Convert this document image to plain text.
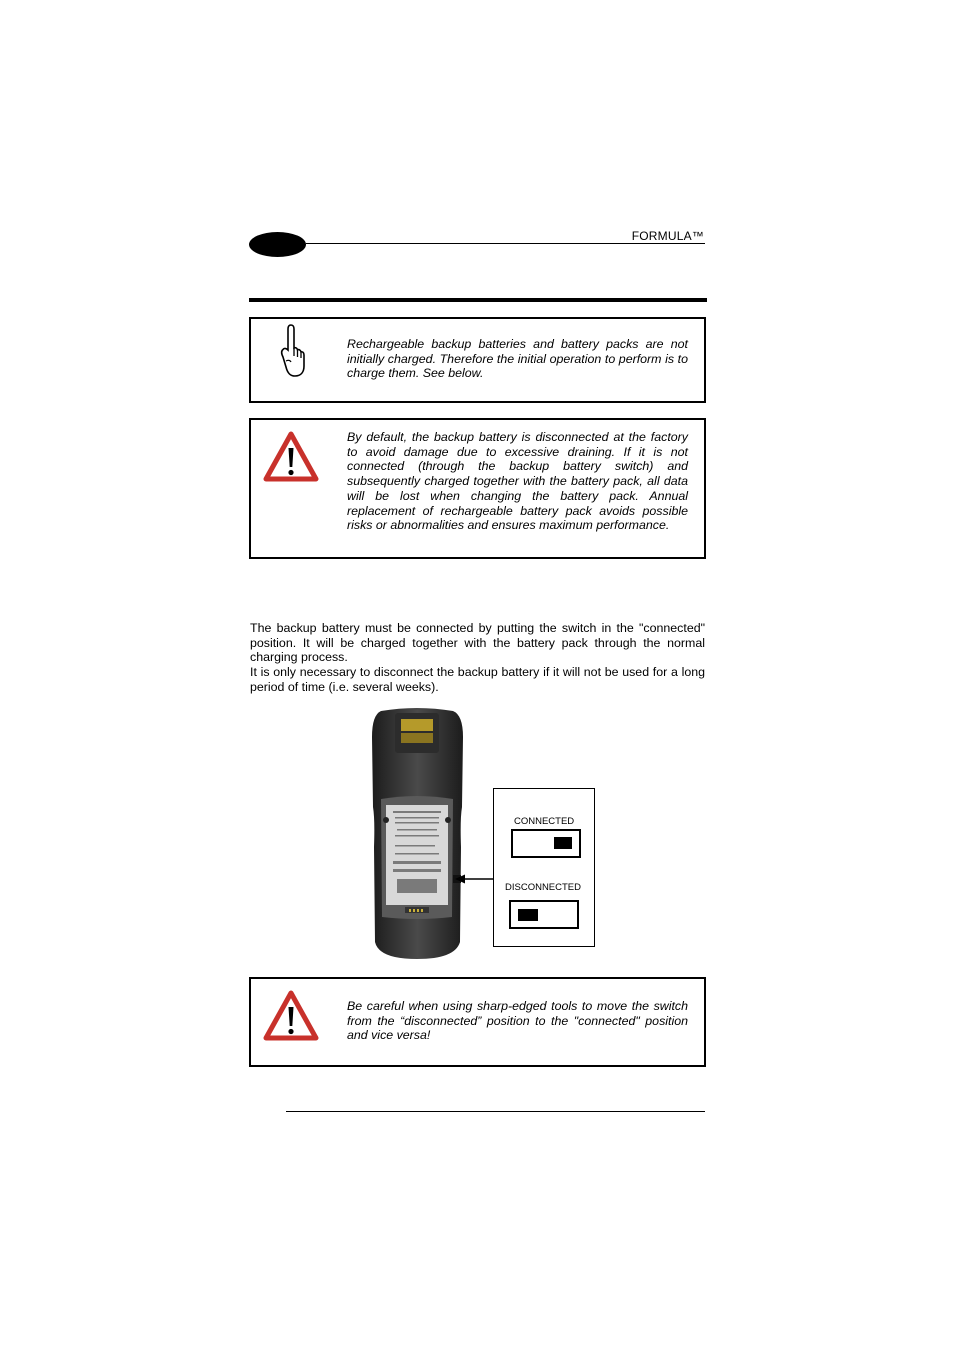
FORMULA™
Rechargeable backup batteries and battery packs are not initially charged. Therefore the initial operation to perform is to charge them. See below.
By default, the backup battery is disconnected at the factory to avoid damage due to excessive draining. If it is not connected (through the backup battery switch) and subsequently charged together with the battery pack, all data will be lost when changing the battery pack. Annual replacement of rechargeable battery pack avoids possible risks or abnormalities and ensures maximum performance.

The backup battery must be connected by putting the switch in the "connected" position. It will be charged together with the battery pack through the normal charging process.

It is only necessary to disconnect the backup battery if it will not be used for a long period of time (i.e. several weeks).

CONNECTED
DISCONNECTED
Be careful when using sharp-edged tools to move the switch from the “disconnected” position to the "connected" position and vice versa!
